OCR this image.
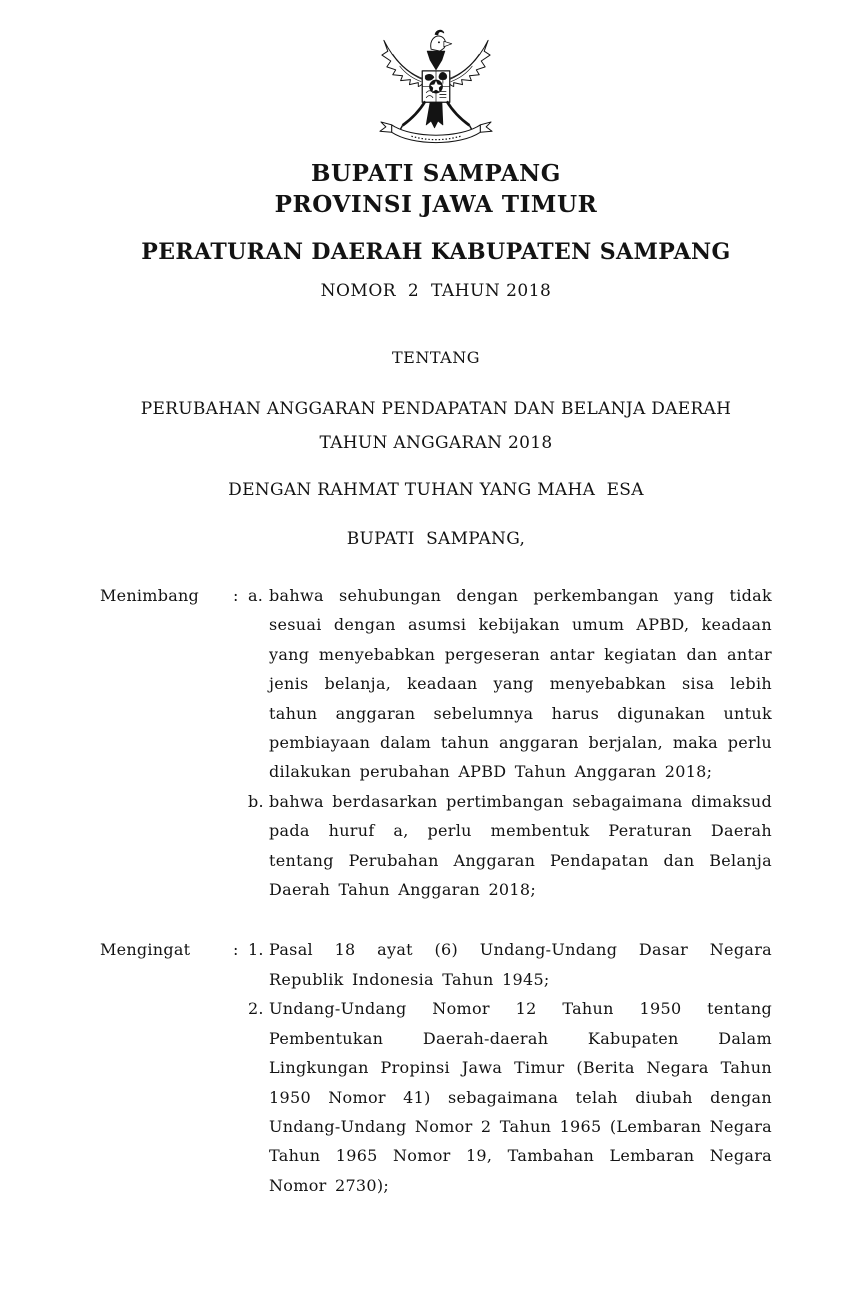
BUPATI SAMPANG
PROVINSI JAWA TIMUR
PERATURAN DAERAH KABUPATEN SAMPANG
NOMOR  2  TAHUN 2018
TENTANG
PERUBAHAN ANGGARAN PENDAPATAN DAN BELANJA DAERAH
TAHUN ANGGARAN 2018
DENGAN RAHMAT TUHAN YANG MAHA  ESA
BUPATI  SAMPANG,
Menimbang	: a. bahwa sehubungan dengan perkembangan yang tidak sesuai dengan asumsi kebijakan umum APBD, keadaan yang menyebabkan pergeseran antar kegiatan dan antar jenis belanja, keadaan yang menyebabkan sisa lebih tahun anggaran sebelumnya harus digunakan untuk pembiayaan dalam tahun anggaran berjalan, maka perlu dilakukan perubahan APBD Tahun Anggaran 2018;
b. bahwa berdasarkan pertimbangan sebagaimana dimaksud pada huruf a, perlu membentuk Peraturan Daerah tentang Perubahan Anggaran Pendapatan dan Belanja Daerah Tahun Anggaran 2018;
Mengingat	: 1. Pasal 18 ayat (6) Undang-Undang Dasar Negara Republik Indonesia Tahun 1945;
2. Undang-Undang Nomor 12 Tahun 1950 tentang Pembentukan Daerah-daerah Kabupaten Dalam Lingkungan Propinsi Jawa Timur (Berita Negara Tahun 1950 Nomor 41) sebagaimana telah diubah dengan Undang-Undang Nomor 2 Tahun 1965 (Lembaran Negara Tahun 1965 Nomor 19, Tambahan Lembaran Negara Nomor 2730);
